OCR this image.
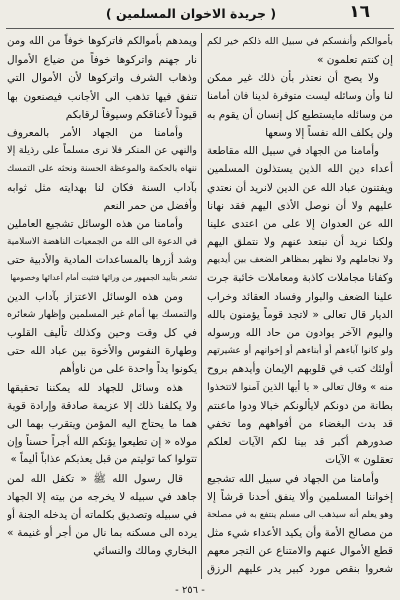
( جريدة الاخوان المسلمين )	١٦
بأموالكم وأنفسكم في سبيل الله ذلكم خير لكم
إن كنتم تعلمون »
ولا يصح أن نعتذر بأن ذلك غير ممكن
لنا وأن وسائله ليست متوفرة لدينا فان أمامنا
من وسائله مايستطيع كل إنسان أن يقوم به
ولن يكلف الله نفساً إلا وسعها
وأمامنا من الجهاد في سبيل الله مقاطعة
أعداء دين الله الذين يستذلون المسلمين
ويفتنون عباد الله عن الدين لانريد أن نعتدي
عليهم ولا أن نوصل الأذى اليهم فقد نهانا
الله عن العدوان إلا على من اعتدى علينا
ولكنا نريد أن نبتعد عنهم ولا نتملق اليهم
ولا نجاملهم ولا نظهر بمظاهر الضعف بين أيديهم
وكفانا مجاملات كاذبة ومعاملات خائبة جرت
علينا الضعف والبوار وفساد العقائد وخراب
الديار قال تعالى « لاتجد قوماً يؤمنون بالله
واليوم الآخر يوادون من حاد الله ورسوله
ولو كانوا آباءهم أو أبناءهم أو إخوانهم أو عشيرتهم
أولئك كتب في قلوبهم الإيمان وأيدهم بروح
منه » وقال تعالى « يا أيها الذين آمنوا لاتتخذوا
بطانة من دونكم لايألونكم خبالا ودوا ماعنتم
قد بدت البغضاء من أفواههم وما تخفي
صدورهم أكبر قد بينا لكم الآيات لعلكم
تعقلون » الآيات
وأمامنا من الجهاد في سبيل الله تشجيع
إخواننا المسلمين وألا ينفق أحدنا قرشاً إلا
وهو يعلم أنه سيذهب الى مسلم ينتفع به في مصلحة
من مصالح الأمة وأن يكيد الأعداء شيء مثل
قطع الأموال عنهم والامتناع عن التجر معهم
شعروا بنقص مورد كبير يدر عليهم الرزق
ويمدهم بأموالكم فاتركوها خوفاً من الله ومن
نار جهنم واتركوها خوفاً من ضياع الأموال
وذهاب الشرف واتركوها لأن الأموال التي
تنفق فيها تذهب الى الأجانب فيصنعون بها
قيوداً لأعناقكم وسيوفاً لرقابكم
وأمامنا من الجهاد الأمر بالمعروف
والنهي عن المنكر فلا نرى مسلماً على رذيلة إلا
ننهاه بالحكمة والموعظة الحسنة ونحثه على التمسك
بآداب السنة فكان لنا بهدايته مثل ثوابه
وأفضل من حمر النعم
وأمامنا من هذه الوسائل تشجيع العاملين
في الدعوة الى الله من الجمعيات الناهضة الاسلامية
وشد أزرها بالمساعدات المادية والأدبية حتى
تشعر بتأييد الجمهور من ورائها فتثبت أمام أعدائها وخصومها
ومن هذه الوسائل الاعتزاز بآداب الدين
والتمسك بها أمام غير المسلمين وإظهار شعائره
في كل وقت وحين وكذلك تأليف القلوب
وطهارة النفوس والأخوة بين عباد الله حتى
يكونوا يداً واحدة على من ناوأهم
هذه وسائل للجهاد لله يمكننا تحقيقها
ولا يكلفنا ذلك إلا عزيمة صادقة وإرادة قوية
هما ما يحتاج اليه المؤمن ويتقرب بهما الى
مولاه « إن تطيعوا يؤتكم الله أجراً حسناً وإن
تتولوا كما توليتم من قبل يعذبكم عذاباً أليماً »
قال رسول الله ﷺ « تكفل الله لمن
جاهد في سبيله لا يخرجه من بيته إلا الجهاد
في سبيله وتصديق بكلماته أن يدخله الجنة أو
يرده الى مسكنه بما نال من أجر أو غنيمة »
البخاري ومالك والنسائي
- ٢٥٦ -
